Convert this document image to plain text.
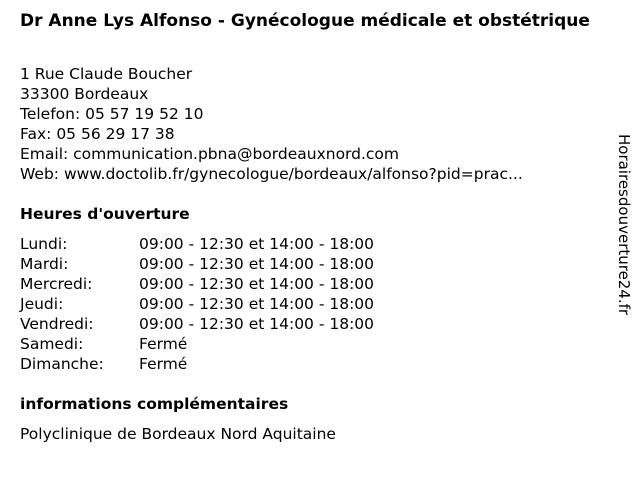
Dr Anne Lys Alfonso - Gynécologue médicale et obstétrique
1 Rue Claude Boucher
33300 Bordeaux
Telefon: 05 57 19 52 10
Fax: 05 56 29 17 38
Email: communication.pbna@bordeauxnord.com
Web: www.doctolib.fr/gynecologue/bordeaux/alfonso?pid=prac...
Heures d'ouverture
Lundi:	09:00 - 12:30 et 14:00 - 18:00
Mardi:	09:00 - 12:30 et 14:00 - 18:00
Mercredi:	09:00 - 12:30 et 14:00 - 18:00
Jeudi:	09:00 - 12:30 et 14:00 - 18:00
Vendredi:	09:00 - 12:30 et 14:00 - 18:00
Samedi:	Fermé
Dimanche: Fermé
informations complémentaires
Polyclinique de Bordeaux Nord Aquitaine
Horairesdouverture24.fr
